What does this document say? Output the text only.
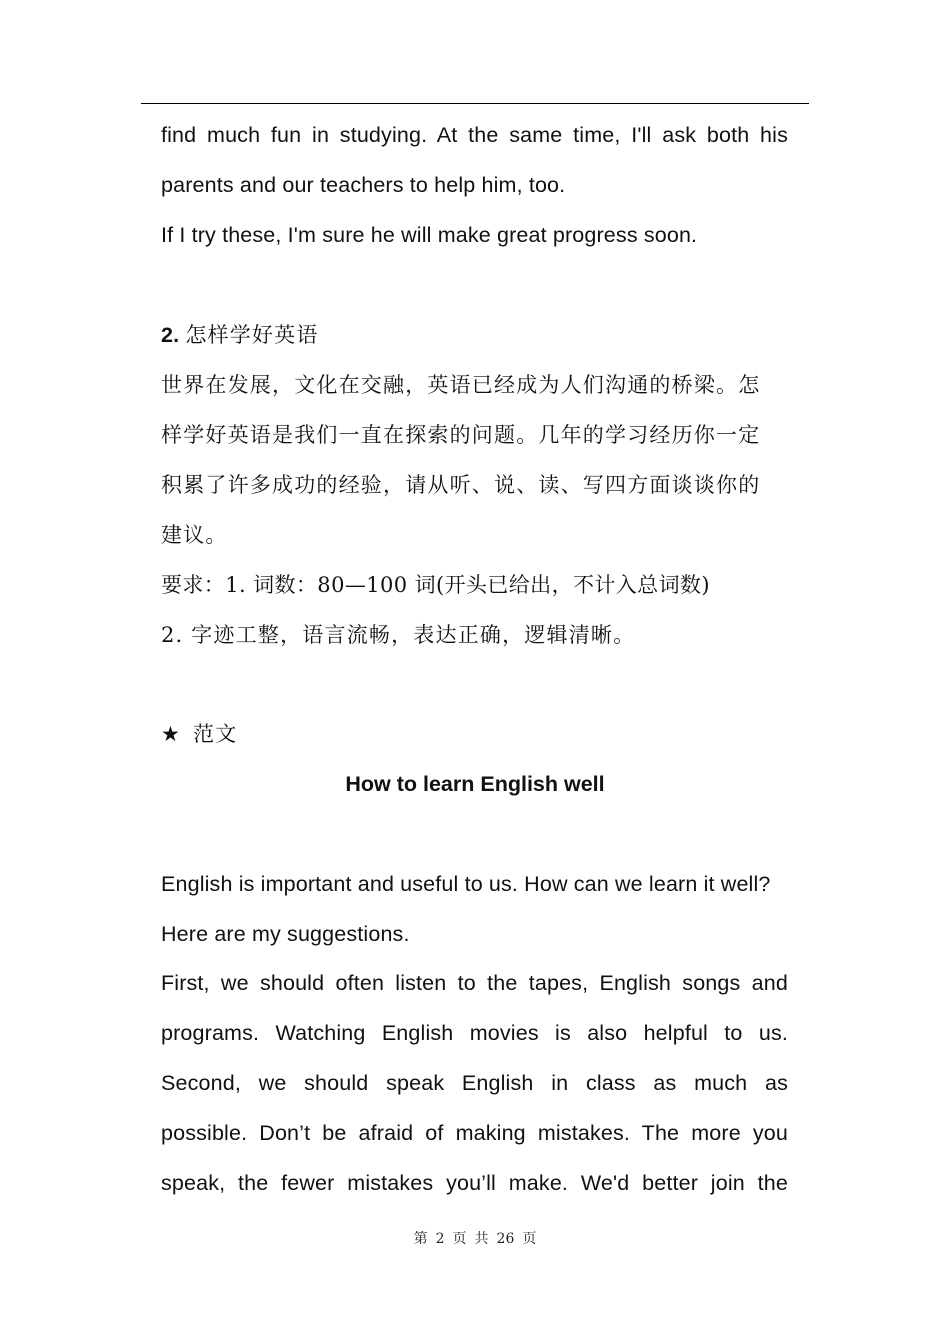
find much fun in studying. At the same time, I'll ask both his
parents and our teachers to help him, too.
If I try these, I'm sure he will make great progress soon.
2. 怎样学好英语
世界在发展，文化在交融，英语已经成为人们沟通的桥梁。怎
样学好英语是我们一直在探索的问题。几年的学习经历你一定
积累了许多成功的经验，请从听、说、读、写四方面谈谈你的
建议。
要求：1. 词数：80—100 词(开头已给出，不计入总词数)
2. 字迹工整，语言流畅，表达正确，逻辑清晰。
★ 范文
How to learn English well
English is important and useful to us. How can we learn it well?
Here are my suggestions.
First, we should often listen to the tapes, English songs and
programs. Watching English movies is also helpful to us.
Second, we should speak English in class as much as
possible. Don’t be afraid of making mistakes. The more you
speak, the fewer mistakes you’ll make. We'd better join the
第 2 页 共 26 页
